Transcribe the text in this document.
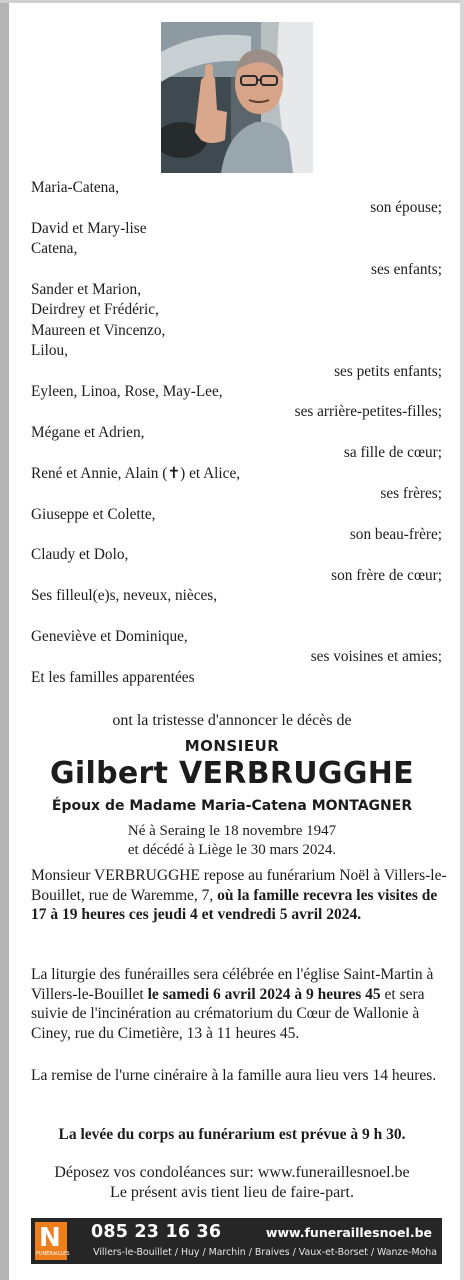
Maria-Catena,
son épouse;
David et Mary-lise
Catena,
ses enfants;
Sander et Marion,
Deirdrey et Frédéric,
Maureen et Vincenzo,
Lilou,
ses petits enfants;
Eyleen, Linoa, Rose, May-Lee,
ses arrière-petites-filles;
Mégane et Adrien,
sa fille de cœur;
René et Annie, Alain (✝) et Alice,
ses frères;
Giuseppe et Colette,
son beau-frère;
Claudy et Dolo,
son frère de cœur;
Ses filleul(e)s, neveux, nièces,
Geneviève et Dominique,
ses voisines et amies;
Et les familles apparentées
ont la tristesse d'annoncer le décès de
MONSIEUR
Gilbert VERBRUGGHE
Époux de Madame Maria-Catena MONTAGNER
Né à Seraing le 18 novembre 1947
et décédé à Liège le 30 mars 2024.
Monsieur VERBRUGGHE repose au funérarium Noël à Villers-le-Bouillet, rue de Waremme, 7, où la famille recevra les visites de 17 à 19 heures ces jeudi 4 et vendredi 5 avril 2024.
La liturgie des funérailles sera célébrée en l'église Saint-Martin à Villers-le-Bouillet le samedi 6 avril 2024 à 9 heures 45 et sera suivie de l'incinération au crématorium du Cœur de Wallonie à Ciney, rue du Cimetière, 13 à 11 heures 45.
La remise de l'urne cinéraire à la famille aura lieu vers 14 heures.
La levée du corps au funérarium est prévue à 9 h 30.
Déposez vos condoléances sur: www.funeraillesnoel.be
Le présent avis tient lieu de faire-part.
N
FUNÉRAILLES
085 23 16 36	www.funeraillesnoel.be
Villers-le-Bouillet / Huy / Marchin / Braives / Vaux-et-Borset / Wanze-Moha
